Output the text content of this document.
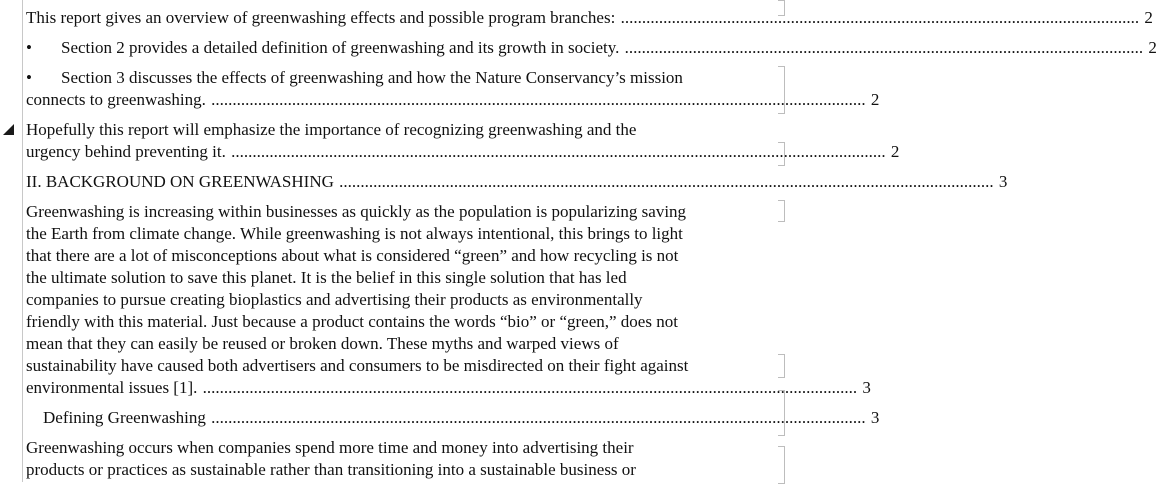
This report gives an overview of greenwashing effects and possible program branches: .......................................................................................................................... 2
• Section 2 provides a detailed definition of greenwashing and its growth in society. .......................................................................................................................... 2
• Section 3 discusses the effects of greenwashing and how the Nature Conservancy’s mission
connects to greenwashing. .......................................................................................................................................................... 2
Hopefully this report will emphasize the importance of recognizing greenwashing and the
urgency behind preventing it. .......................................................................................................................................................... 2
II. BACKGROUND ON GREENWASHING .......................................................................................................................................................... 3
Greenwashing is increasing within businesses as quickly as the population is popularizing saving
the Earth from climate change. While greenwashing is not always intentional, this brings to light
that there are a lot of misconceptions about what is considered “green” and how recycling is not
the ultimate solution to save this planet. It is the belief in this single solution that has led
companies to pursue creating bioplastics and advertising their products as environmentally
friendly with this material. Just because a product contains the words “bio” or “green,” does not
mean that they can easily be reused or broken down. These myths and warped views of
sustainability have caused both advertisers and consumers to be misdirected on their fight against
environmental issues [1]. .......................................................................................................................................................... 3
Defining Greenwashing .......................................................................................................................................................... 3
Greenwashing occurs when companies spend more time and money into advertising their
products or practices as sustainable rather than transitioning into a sustainable business or
